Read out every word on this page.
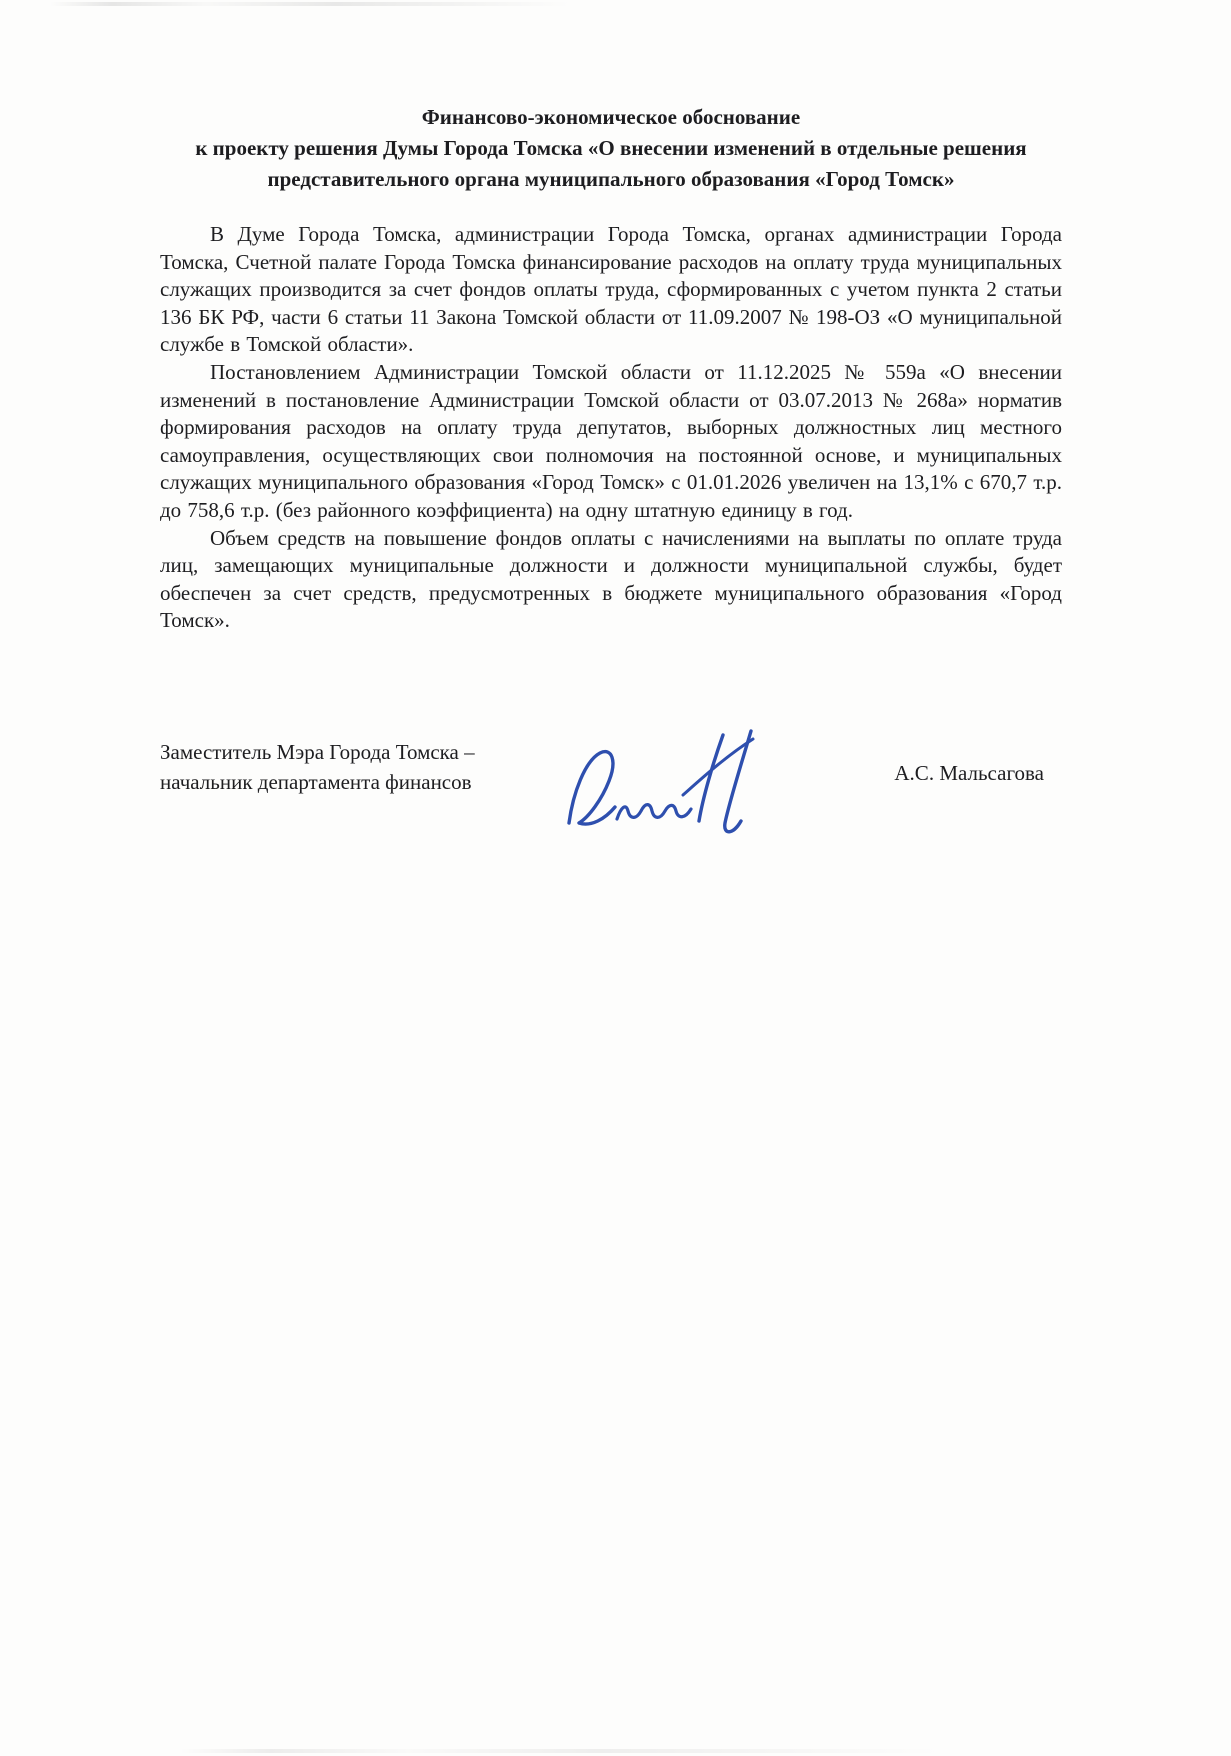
Финансово-экономическое обоснование
к проекту решения Думы Города Томска «О внесении изменений в отдельные решения
представительного органа муниципального образования «Город Томск»

В Думе Города Томска, администрации Города Томска, органах администрации Города Томска, Счетной палате Города Томска финансирование расходов на оплату труда муниципальных служащих производится за счет фондов оплаты труда, сформированных с учетом пункта 2 статьи 136 БК РФ, части 6 статьи 11 Закона Томской области от 11.09.2007 № 198-ОЗ «О муниципальной службе в Томской области».

Постановлением Администрации Томской области от 11.12.2025 № 559а «О внесении изменений в постановление Администрации Томской области от 03.07.2013 № 268а» норматив формирования расходов на оплату труда депутатов, выборных должностных лиц местного самоуправления, осуществляющих свои полномочия на постоянной основе, и муниципальных служащих муниципального образования «Город Томск» с 01.01.2026 увеличен на 13,1% с 670,7 т.р. до 758,6 т.р. (без районного коэффициента) на одну штатную единицу в год.

Объем средств на повышение фондов оплаты с начислениями на выплаты по оплате труда лиц, замещающих муниципальные должности и должности муниципальной службы, будет обеспечен за счет средств, предусмотренных в бюджете муниципального образования «Город Томск».

Заместитель Мэра Города Томска –
начальник департамента финансов	А.С. Мальсагова
